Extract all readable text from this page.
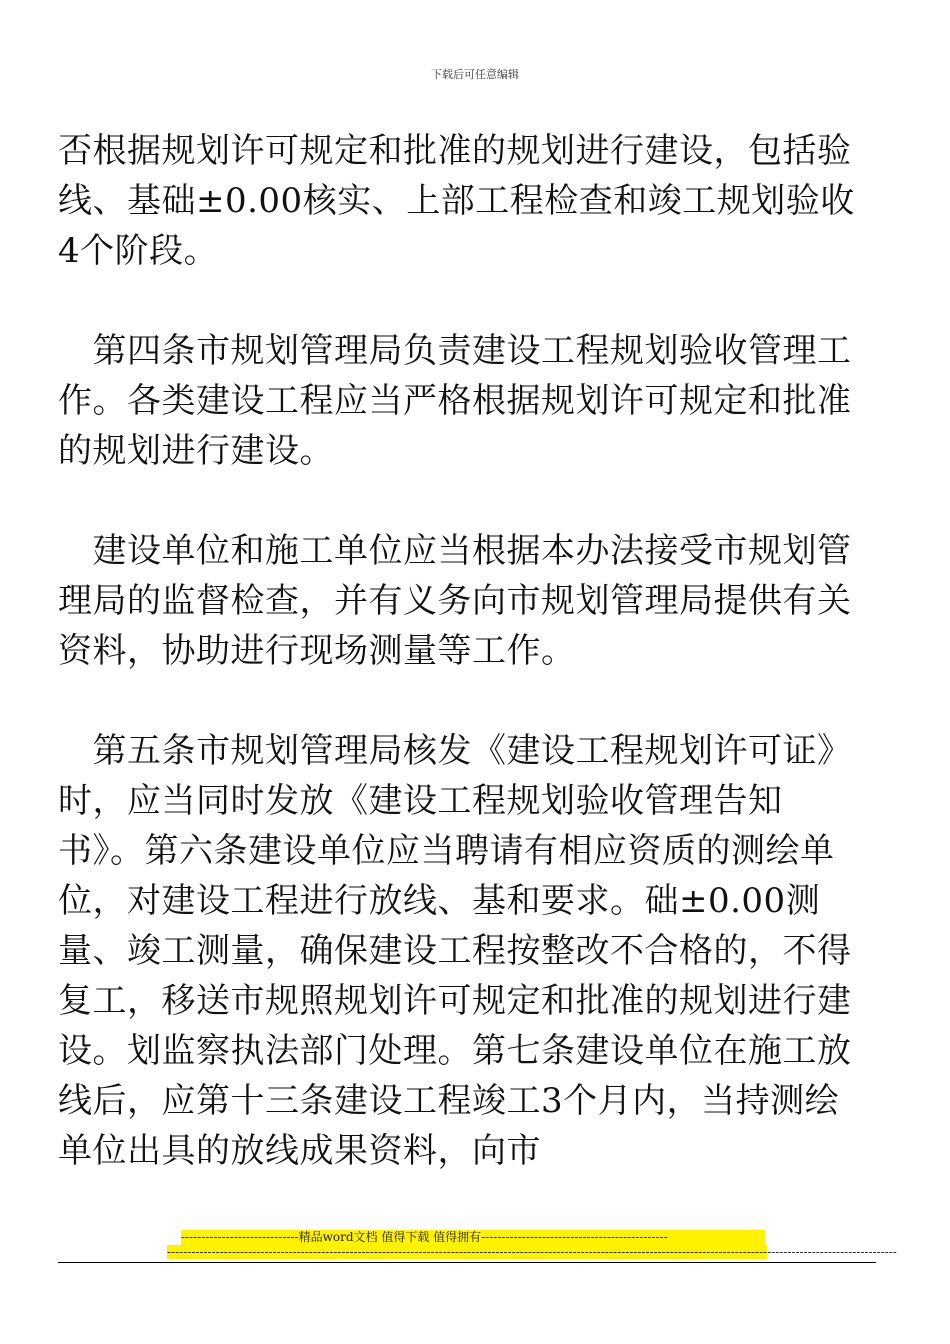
下载后可任意编辑

否根据规划许可规定和批准的规划进行建设，包括验线、基础±0.00核实、上部工程检查和竣工规划验收4个阶段。

　第四条市规划管理局负责建设工程规划验收管理工作。各类建设工程应当严格根据规划许可规定和批准的规划进行建设。

　建设单位和施工单位应当根据本办法接受市规划管理局的监督检查，并有义务向市规划管理局提供有关资料，协助进行现场测量等工作。

　第五条市规划管理局核发《建设工程规划许可证》时，应当同时发放《建设工程规划验收管理告知书》。第六条建设单位应当聘请有相应资质的测绘单位，对建设工程进行放线、基和要求。础±0.00测量、竣工测量，确保建设工程按整改不合格的，不得复工，移送市规照规划许可规定和批准的规划进行建设。划监察执法部门处理。第七条建设单位在施工放线后，应第十三条建设工程竣工3个月内，当持测绘单位出具的放线成果资料，向市

-----------------------------精品word文档 值得下载 值得拥有----------------------------------------------
------------------------------------------------------------------------------------------------------------------------------------------------------------------------------------
